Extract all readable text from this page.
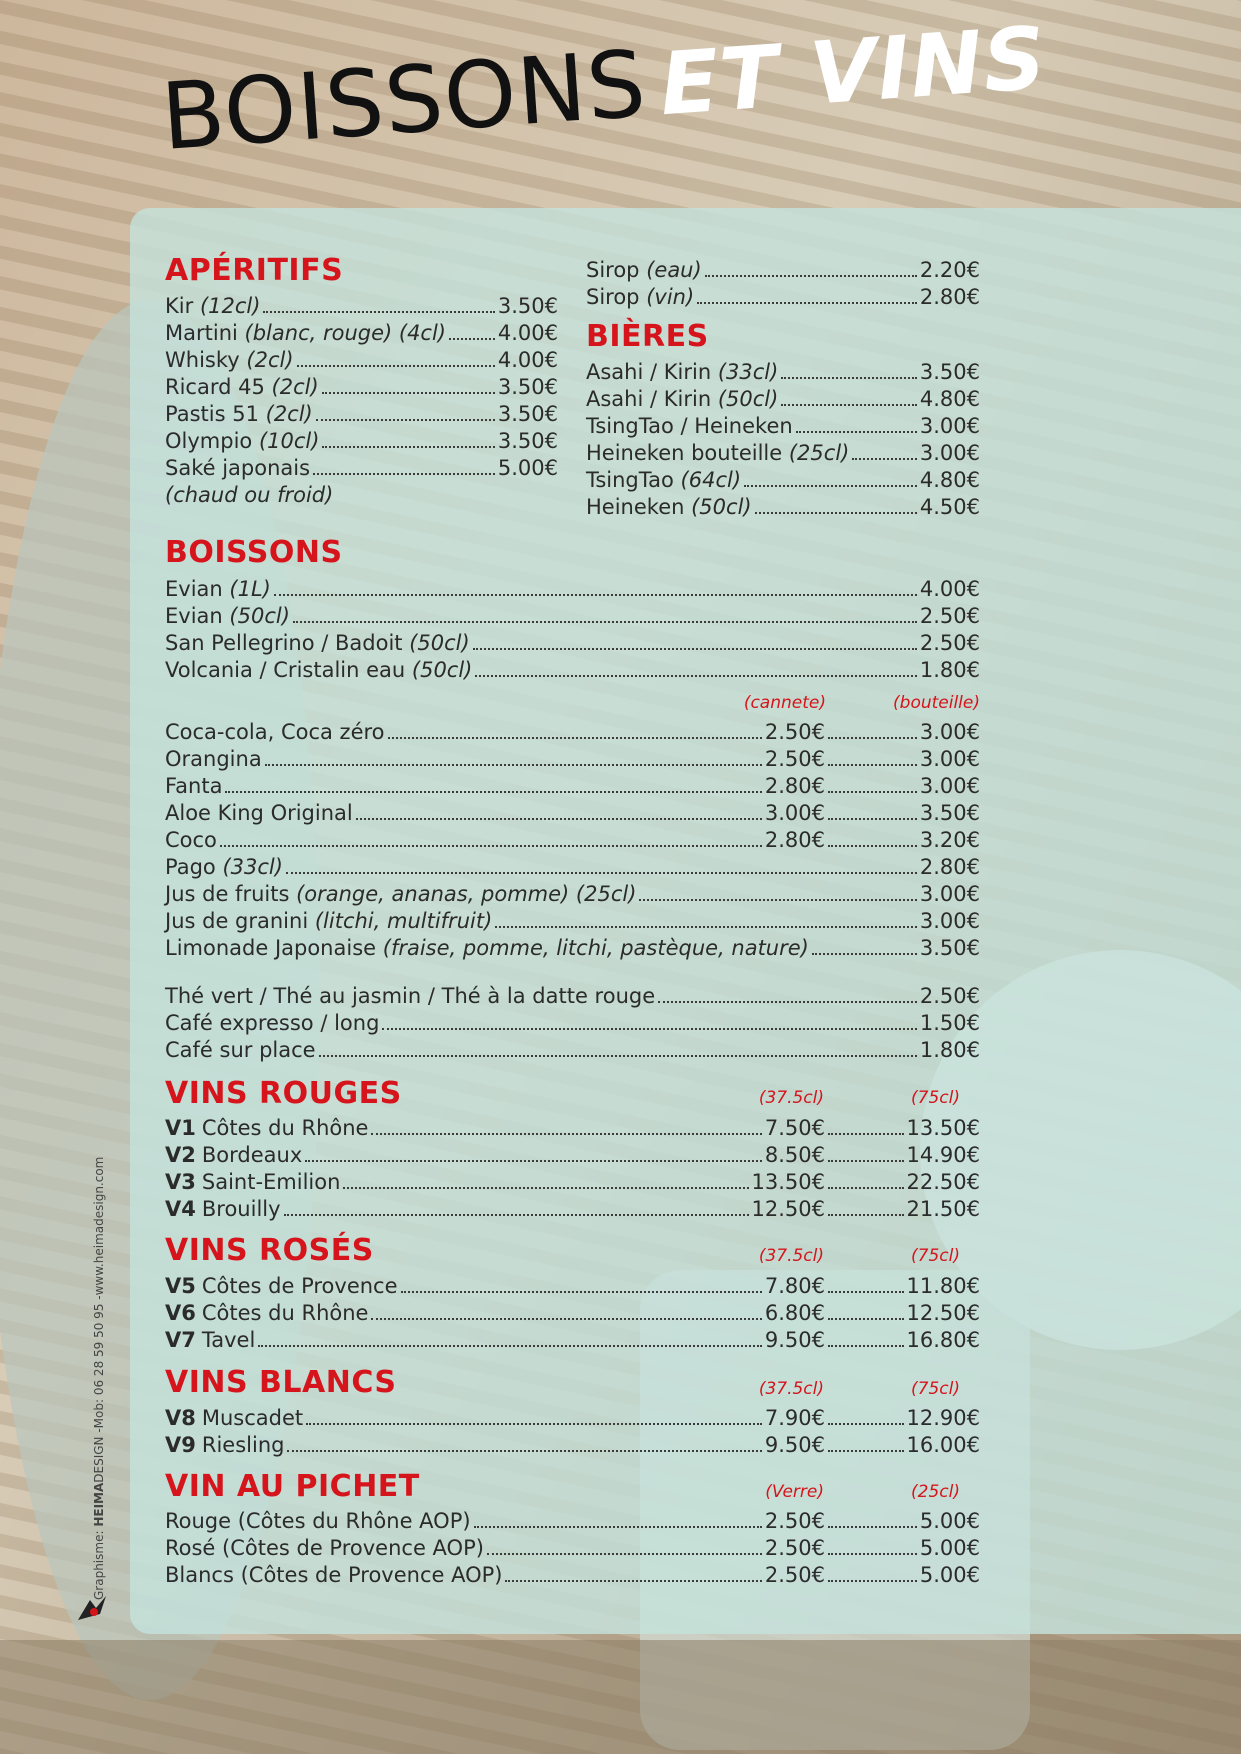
BOISSONSET VINS
APÉRITIFS
Kir (12cl)	3.50€
Martini (blanc, rouge) (4cl) 4.00€
Whisky (2cl)	4.00€
Ricard 45 (2cl)	3.50€
Pastis 51 (2cl)	3.50€
Olympio (10cl)	3.50€
Saké japonais	5.00€
(chaud ou froid)
Sirop (eau)	2.20€
Sirop (vin)	2.80€
BIÈRES
Asahi / Kirin (33cl)	3.50€
Asahi / Kirin (50cl)	4.80€
TsingTao / Heineken	3.00€
Heineken bouteille (25cl)	3.00€
TsingTao (64cl)	4.80€
Heineken (50cl)	4.50€
BOISSONS
Evian (1L)	4.00€
Evian (50cl)	2.50€
San Pellegrino / Badoit (50cl)	2.50€
Volcania / Cristalin eau (50cl)	1.80€
(cannete)	(bouteille)
Coca-cola, Coca zéro	2.50€	3.00€
Orangina	2.50€	3.00€
Fanta	2.80€	3.00€
Aloe King Original	3.00€	3.50€
Coco	2.80€	3.20€
Pago (33cl)	2.80€
Jus de fruits (orange, ananas, pomme) (25cl)	3.00€
Jus de granini (litchi, multifruit)	3.00€
Limonade Japonaise (fraise, pomme, litchi, pastèque, nature)	3.50€
Thé vert / Thé au jasmin / Thé à la datte rouge	2.50€
Café expresso / long	1.50€
Café sur place	1.80€
VINS ROUGES	(37.5cl)	(75cl)
V1 Côtes du Rhône	7.50€	13.50€
V2 Bordeaux	8.50€	14.90€
V3 Saint-Emilion	13.50€	22.50€
V4 Brouilly	12.50€	21.50€
VINS ROSÉS	(37.5cl)	(75cl)
V5 Côtes de Provence	7.80€	11.80€
V6 Côtes du Rhône	6.80€	12.50€
V7 Tavel	9.50€	16.80€
VINS BLANCS	(37.5cl)	(75cl)
V8 Muscadet	7.90€	12.90€
V9 Riesling	9.50€	16.00€
VIN AU PICHET	(Verre)	(25cl)
Rouge (Côtes du Rhône AOP)	2.50€	5.00€
Rosé (Côtes de Provence AOP)	2.50€	5.00€
Blancs (Côtes de Provence AOP)	2.50€	5.00€
Graphisme: HEIMADESIGN -Mob: 06 28 59 50 95 -www.heimadesign.com
